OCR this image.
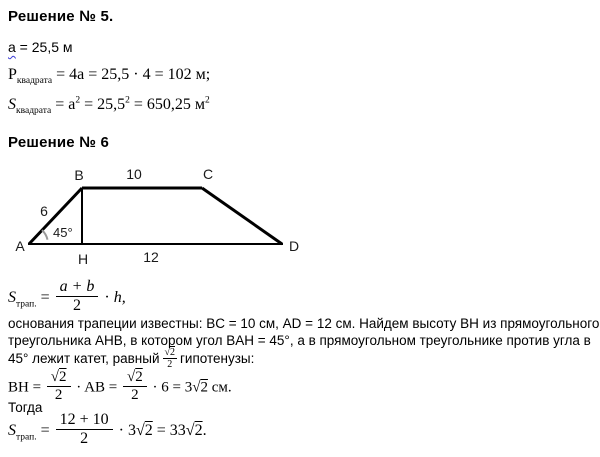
Решение № 5.
a = 25,5 м
$P_{квадрата} = 4a = 25,5 \cdot 4 = 102$ м;
$S_{квадрата} = a^2 = 25,5^2 = 650,25$ $м^2$
Решение № 6
B	10	C
6
45°
A
H	12
D
$S_{трап.} = \frac{a + b}{2} \cdot h$,
основания трапеции известны: BC = 10 см, AD = 12 см. Найдем высоту BH из прямоугольного
треугольника AHB, в котором угол BAH = 45°, а в прямоугольном треугольнике против угла в
45° лежит катет, равный $\frac{√2}{2}$ гипотенузы:
BH = $\frac{√2}{2}$ · AB = $\frac{√2}{2} \cdot 6 = 3√2$ см.
Тогда
$S_{трап.} = \frac{12 + 10}{2} \cdot 3√2 = 33√2$.
